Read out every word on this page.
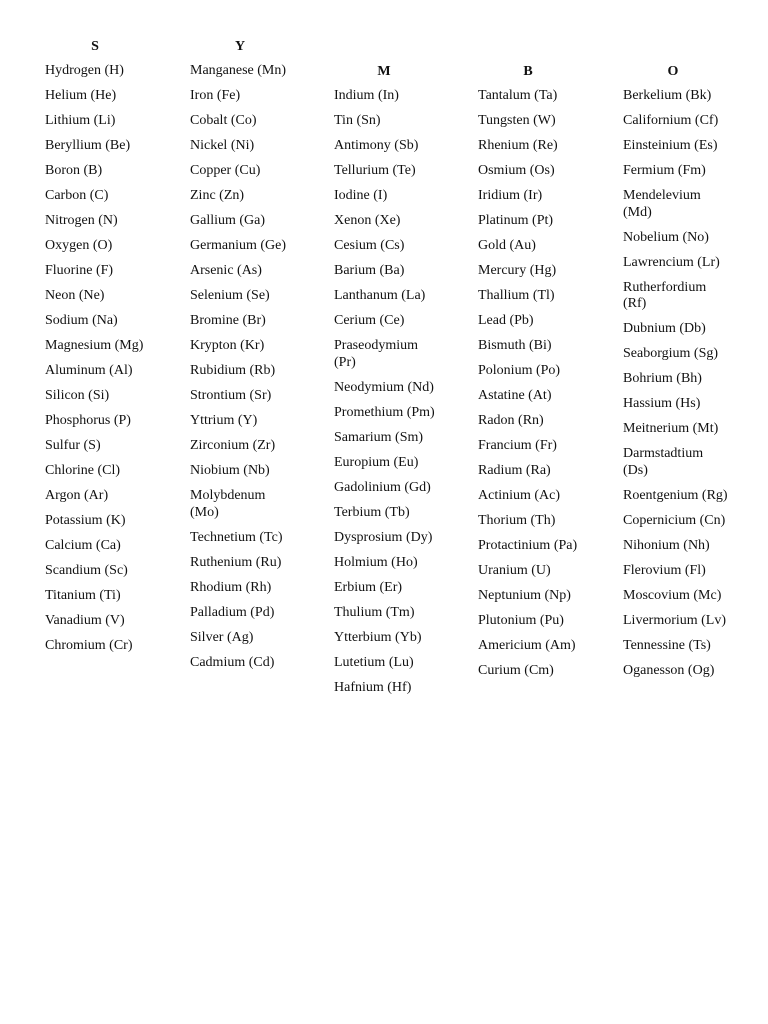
S
Hydrogen (H)
Helium (He)
Lithium (Li)
Beryllium (Be)
Boron (B)
Carbon (C)
Nitrogen (N)
Oxygen (O)
Fluorine (F)
Neon (Ne)
Sodium (Na)
Magnesium (Mg)
Aluminum (Al)
Silicon (Si)
Phosphorus (P)
Sulfur (S)
Chlorine (Cl)
Argon (Ar)
Potassium (K)
Calcium (Ca)
Scandium (Sc)
Titanium (Ti)
Vanadium (V)
Chromium (Cr)
Y
Manganese (Mn)
Iron (Fe)
Cobalt (Co)
Nickel (Ni)
Copper (Cu)
Zinc (Zn)
Gallium (Ga)
Germanium (Ge)
Arsenic (As)
Selenium (Se)
Bromine (Br)
Krypton (Kr)
Rubidium (Rb)
Strontium (Sr)
Yttrium (Y)
Zirconium (Zr)
Niobium (Nb)
Molybdenum (Mo)
Technetium (Tc)
Ruthenium (Ru)
Rhodium (Rh)
Palladium (Pd)
Silver (Ag)
Cadmium (Cd)
M
Indium (In)
Tin (Sn)
Antimony (Sb)
Tellurium (Te)
Iodine (I)
Xenon (Xe)
Cesium (Cs)
Barium (Ba)
Lanthanum (La)
Cerium (Ce)
Praseodymium (Pr)
Neodymium (Nd)
Promethium (Pm)
Samarium (Sm)
Europium (Eu)
Gadolinium (Gd)
Terbium (Tb)
Dysprosium (Dy)
Holmium (Ho)
Erbium (Er)
Thulium (Tm)
Ytterbium (Yb)
Lutetium (Lu)
Hafnium (Hf)
B
Tantalum (Ta)
Tungsten (W)
Rhenium (Re)
Osmium (Os)
Iridium (Ir)
Platinum (Pt)
Gold (Au)
Mercury (Hg)
Thallium (Tl)
Lead (Pb)
Bismuth (Bi)
Polonium (Po)
Astatine (At)
Radon (Rn)
Francium (Fr)
Radium (Ra)
Actinium (Ac)
Thorium (Th)
Protactinium (Pa)
Uranium (U)
Neptunium (Np)
Plutonium (Pu)
Americium (Am)
Curium (Cm)
O
Berkelium (Bk)
Californium (Cf)
Einsteinium (Es)
Fermium (Fm)
Mendelevium (Md)
Nobelium (No)
Lawrencium (Lr)
Rutherfordium (Rf)
Dubnium (Db)
Seaborgium (Sg)
Bohrium (Bh)
Hassium (Hs)
Meitnerium (Mt)
Darmstadtium (Ds)
Roentgenium (Rg)
Copernicium (Cn)
Nihonium (Nh)
Flerovium (Fl)
Moscovium (Mc)
Livermorium (Lv)
Tennessine (Ts)
Oganesson (Og)
